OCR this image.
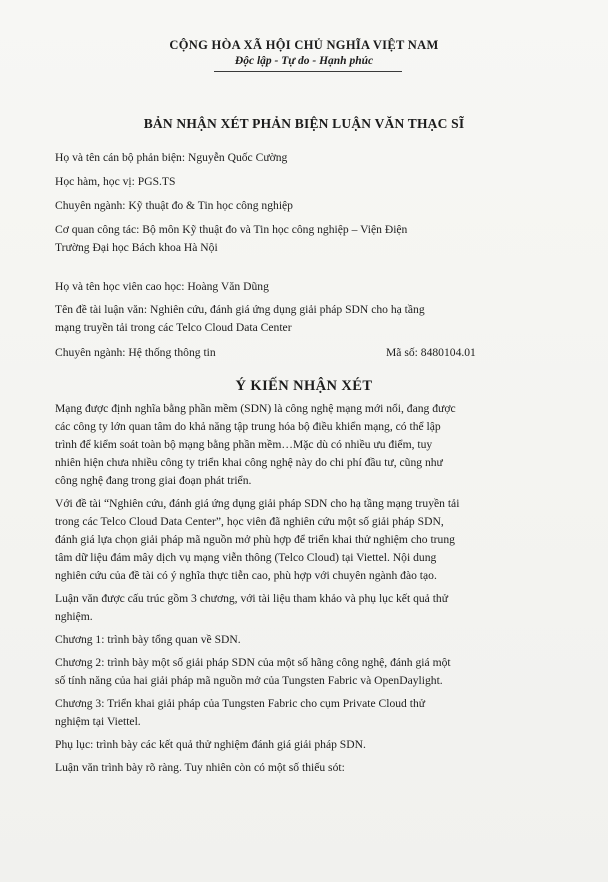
CỘNG HÒA XÃ HỘI CHỦ NGHĨA VIỆT NAM
Độc lập - Tự do - Hạnh phúc
BẢN NHẬN XÉT PHẢN BIỆN LUẬN VĂN THẠC SĨ
Họ và tên cán bộ phản biện: Nguyễn Quốc Cường
Học hàm, học vị: PGS.TS
Chuyên ngành: Kỹ thuật đo & Tin học công nghiệp
Cơ quan công tác: Bộ môn Kỹ thuật đo và Tin học công nghiệp – Viện Điện
Trường Đại học Bách khoa Hà Nội
Họ và tên học viên cao học: Hoàng Văn Dũng
Tên đề tài luận văn: Nghiên cứu, đánh giá ứng dụng giải pháp SDN cho hạ tầng
mạng truyền tải trong các Telco Cloud Data Center
Chuyên ngành: Hệ thống thông tin	Mã số: 8480104.01
Ý KIẾN NHẬN XÉT
Mạng được định nghĩa bằng phần mềm (SDN) là công nghệ mạng mới nổi, đang được
các công ty lớn quan tâm do khả năng tập trung hóa bộ điều khiển mạng, có thể lập
trình để kiểm soát toàn bộ mạng bằng phần mềm…Mặc dù có nhiều ưu điểm, tuy
nhiên hiện chưa nhiều công ty triển khai công nghệ này do chi phí đầu tư, cũng như
công nghệ đang trong giai đoạn phát triển.
Với đề tài “Nghiên cứu, đánh giá ứng dụng giải pháp SDN cho hạ tầng mạng truyền tải
trong các Telco Cloud Data Center”, học viên đã nghiên cứu một số giải pháp SDN,
đánh giá lựa chọn giải pháp mã nguồn mở phù hợp để triển khai thử nghiệm cho trung
tâm dữ liệu đám mây dịch vụ mạng viễn thông (Telco Cloud) tại Viettel. Nội dung
nghiên cứu của đề tài có ý nghĩa thực tiễn cao, phù hợp với chuyên ngành đào tạo.
Luận văn được cấu trúc gồm 3 chương, với tài liệu tham khảo và phụ lục kết quả thử
nghiệm.
Chương 1: trình bày tổng quan về SDN.
Chương 2: trình bày một số giải pháp SDN của một số hãng công nghệ, đánh giá một
số tính năng của hai giải pháp mã nguồn mở của Tungsten Fabric và OpenDaylight.
Chương 3: Triển khai giải pháp của Tungsten Fabric cho cụm Private Cloud thử
nghiệm tại Viettel.
Phụ lục: trình bày các kết quả thử nghiệm đánh giá giải pháp SDN.
Luận văn trình bày rõ ràng. Tuy nhiên còn có một số thiếu sót:
